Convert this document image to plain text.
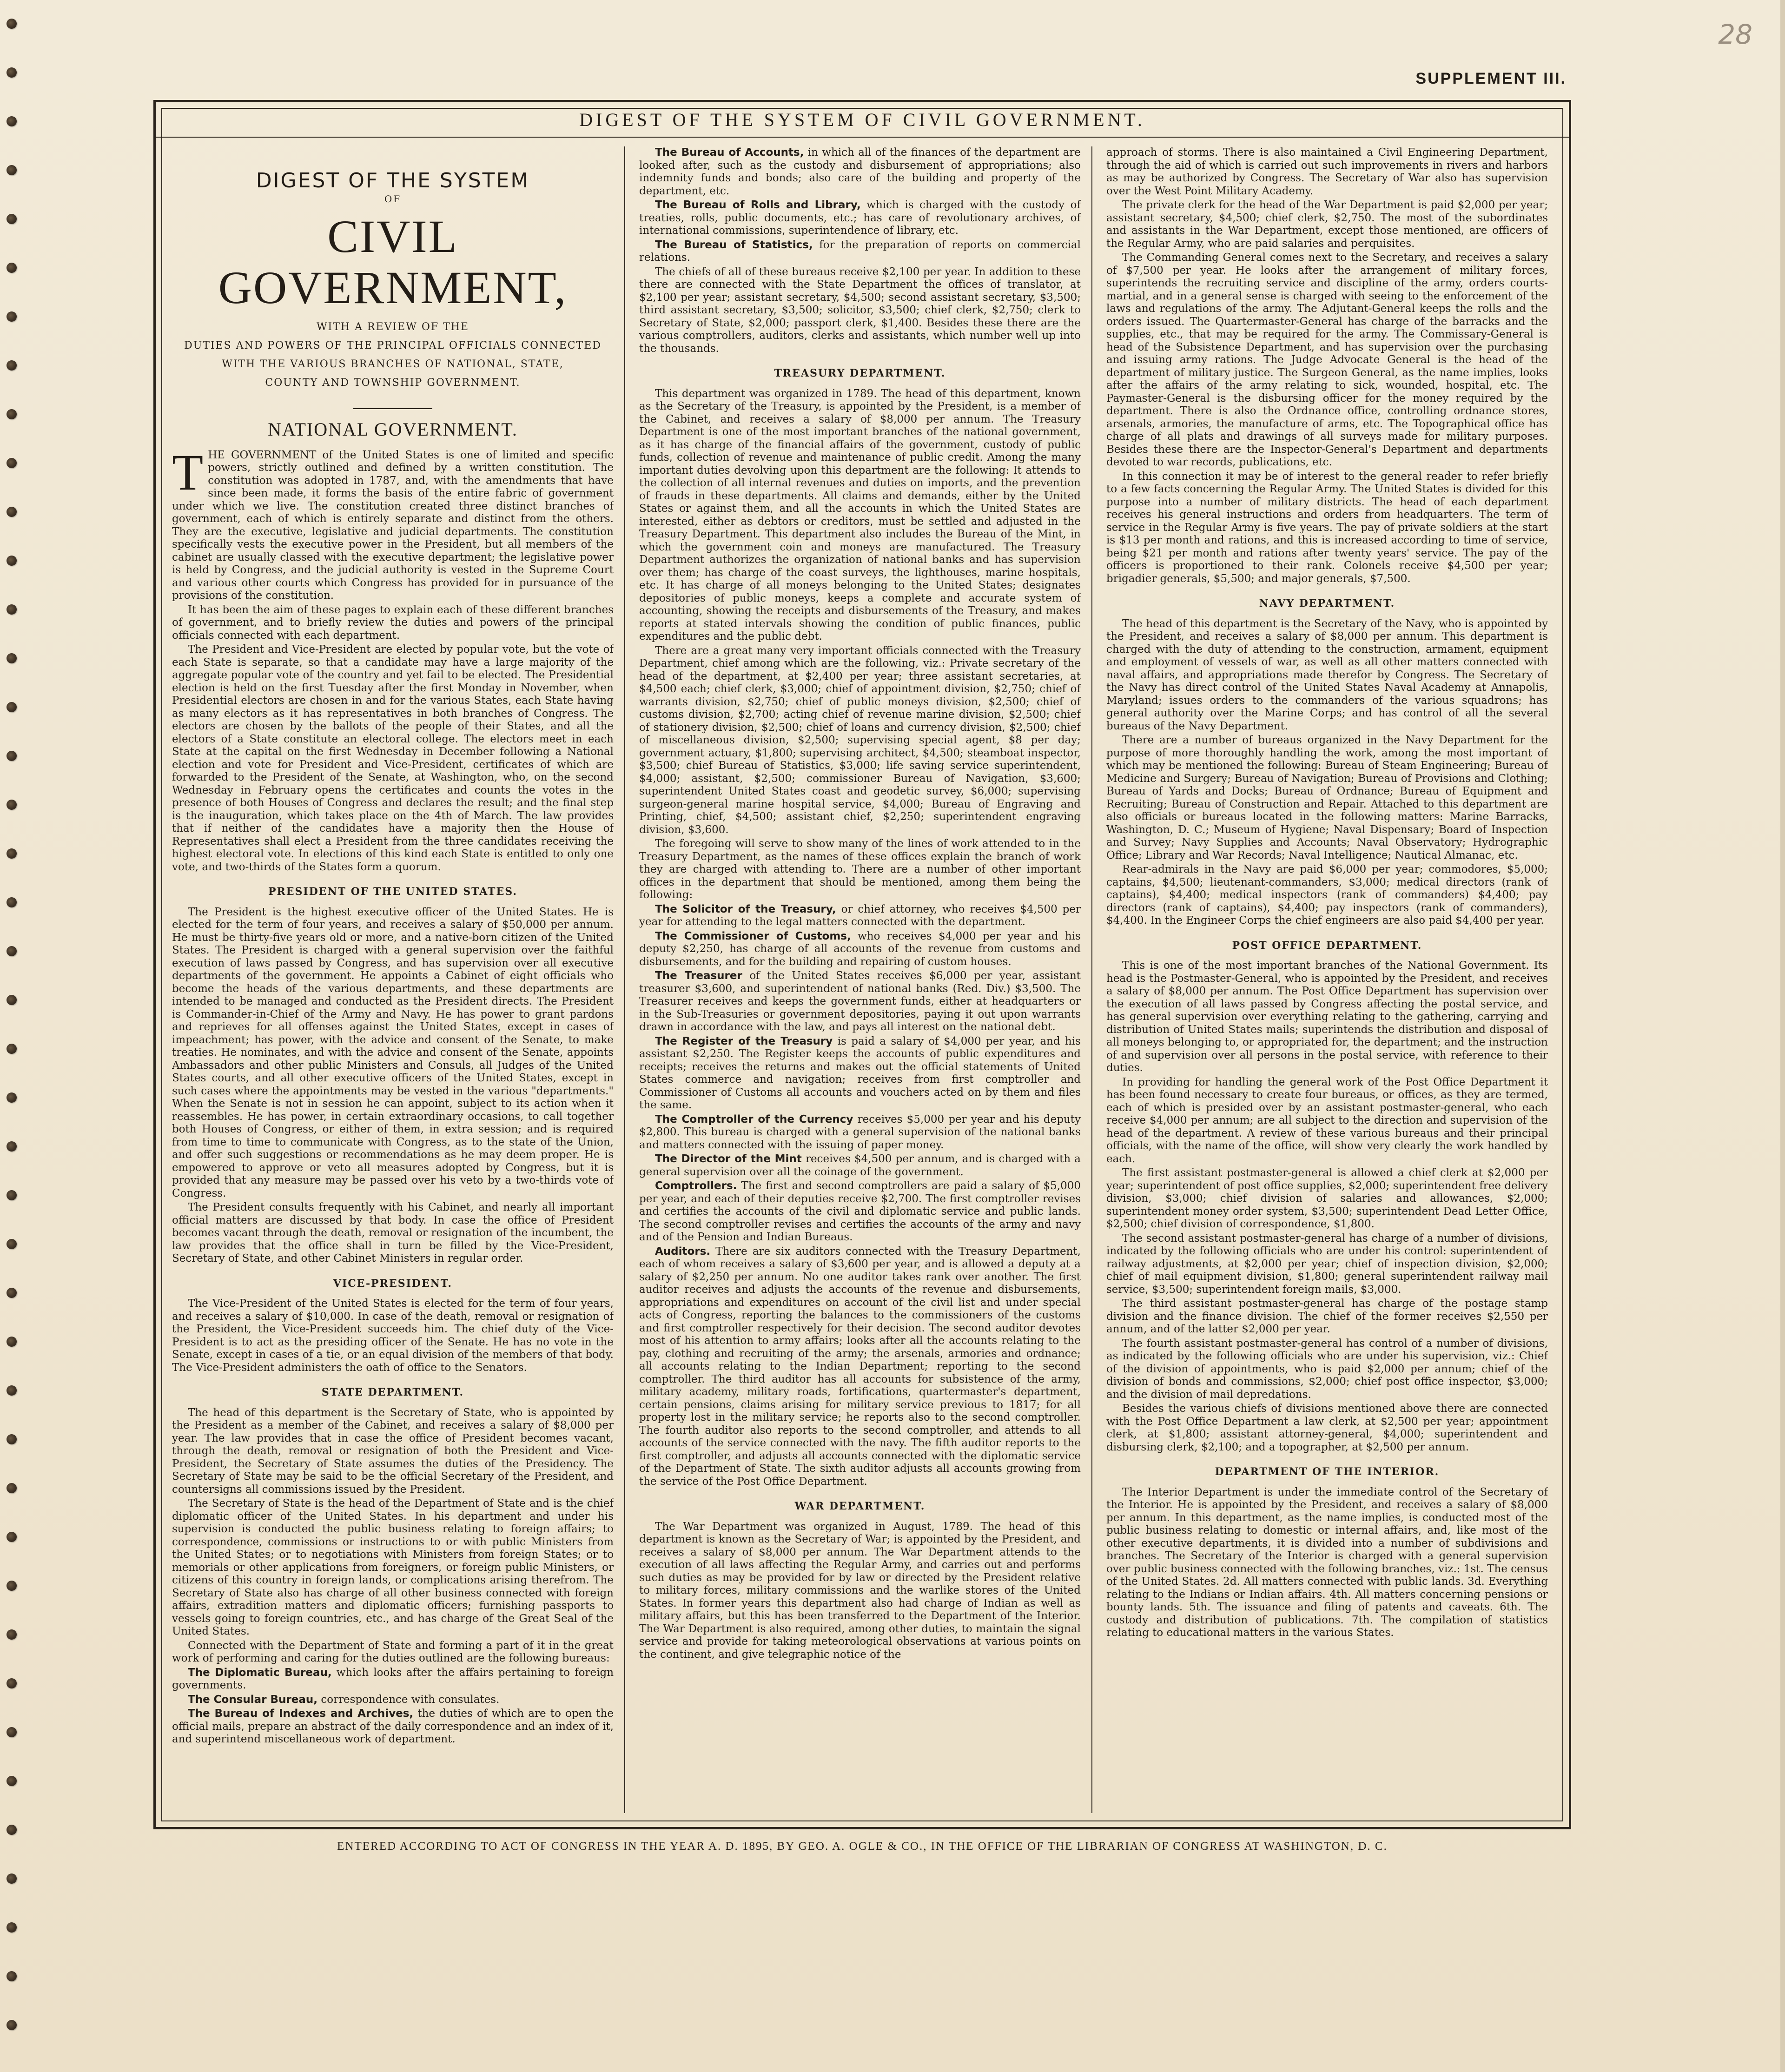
28
SUPPLEMENT III.
DIGEST OF THE SYSTEM OF CIVIL GOVERNMENT.
DIGEST OF THE SYSTEM
OF
CIVIL GOVERNMENT,
WITH A REVIEW OF THE
DUTIES AND POWERS OF THE PRINCIPAL OFFICIALS CONNECTED
WITH THE VARIOUS BRANCHES OF NATIONAL, STATE,
COUNTY AND TOWNSHIP GOVERNMENT.
NATIONAL GOVERNMENT.

THE GOVERNMENT of the United States is one of limited and specific powers, strictly outlined and defined by a written constitution. The constitution was adopted in 1787, and, with the amendments that have since been made, it forms the basis of the entire fabric of government under which we live. The constitution created three distinct branches of government, each of which is entirely separate and distinct from the others. They are the executive, legislative and judicial departments. The constitution specifically vests the executive power in the President, but all members of the cabinet are usually classed with the executive department; the legislative power is held by Congress, and the judicial authority is vested in the Supreme Court and various other courts which Congress has provided for in pursuance of the provisions of the constitution.

It has been the aim of these pages to explain each of these different branches of government, and to briefly review the duties and powers of the principal officials connected with each department.

The President and Vice-President are elected by popular vote, but the vote of each State is separate, so that a candidate may have a large majority of the aggregate popular vote of the country and yet fail to be elected. The Presidential election is held on the first Tuesday after the first Monday in November, when Presidential electors are chosen in and for the various States, each State having as many electors as it has representatives in both branches of Congress. The electors are chosen by the ballots of the people of their States, and all the electors of a State constitute an electoral college. The electors meet in each State at the capital on the first Wednesday in December following a National election and vote for President and Vice-President, certificates of which are forwarded to the President of the Senate, at Washington, who, on the second Wednesday in February opens the certificates and counts the votes in the presence of both Houses of Congress and declares the result; and the final step is the inauguration, which takes place on the 4th of March. The law provides that if neither of the candidates have a majority then the House of Representatives shall elect a President from the three candidates receiving the highest electoral vote. In elections of this kind each State is entitled to only one vote, and two-thirds of the States form a quorum.

PRESIDENT OF THE UNITED STATES.

The President is the highest executive officer of the United States. He is elected for the term of four years, and receives a salary of $50,000 per annum. He must be thirty-five years old or more, and a native-born citizen of the United States. The President is charged with a general supervision over the faithful execution of laws passed by Congress, and has supervision over all executive departments of the government. He appoints a Cabinet of eight officials who become the heads of the various departments, and these departments are intended to be managed and conducted as the President directs. The President is Commander-in-Chief of the Army and Navy. He has power to grant pardons and reprieves for all offenses against the United States, except in cases of impeachment; has power, with the advice and consent of the Senate, to make treaties. He nominates, and with the advice and consent of the Senate, appoints Ambassadors and other public Ministers and Consuls, all Judges of the United States courts, and all other executive officers of the United States, except in such cases where the appointments may be vested in the various "departments." When the Senate is not in session he can appoint, subject to its action when it reassembles. He has power, in certain extraordinary occasions, to call together both Houses of Congress, or either of them, in extra session; and is required from time to time to communicate with Congress, as to the state of the Union, and offer such suggestions or recommendations as he may deem proper. He is empowered to approve or veto all measures adopted by Congress, but it is provided that any measure may be passed over his veto by a two-thirds vote of Congress.

The President consults frequently with his Cabinet, and nearly all important official matters are discussed by that body. In case the office of President becomes vacant through the death, removal or resignation of the incumbent, the law provides that the office shall in turn be filled by the Vice-President, Secretary of State, and other Cabinet Ministers in regular order.

VICE-PRESIDENT.

The Vice-President of the United States is elected for the term of four years, and receives a salary of $10,000. In case of the death, removal or resignation of the President, the Vice-President succeeds him. The chief duty of the Vice-President is to act as the presiding officer of the Senate. He has no vote in the Senate, except in cases of a tie, or an equal division of the members of that body. The Vice-President administers the oath of office to the Senators.

STATE DEPARTMENT.

The head of this department is the Secretary of State, who is appointed by the President as a member of the Cabinet, and receives a salary of $8,000 per year. The law provides that in case the office of President becomes vacant, through the death, removal or resignation of both the President and Vice-President, the Secretary of State assumes the duties of the Presidency. The Secretary of State may be said to be the official Secretary of the President, and countersigns all commissions issued by the President.

The Secretary of State is the head of the Department of State and is the chief diplomatic officer of the United States. In his department and under his supervision is conducted the public business relating to foreign affairs; to correspondence, commissions or instructions to or with public Ministers from the United States; or to negotiations with Ministers from foreign States; or to memorials or other applications from foreigners, or foreign public Ministers, or citizens of this country in foreign lands, or complications arising therefrom. The Secretary of State also has charge of all other business connected with foreign affairs, extradition matters and diplomatic officers; furnishing passports to vessels going to foreign countries, etc., and has charge of the Great Seal of the United States.

Connected with the Department of State and forming a part of it in the great work of performing and caring for the duties outlined are the following bureaus:

The Diplomatic Bureau, which looks after the affairs pertaining to foreign governments.

The Consular Bureau, correspondence with consulates.

The Bureau of Indexes and Archives, the duties of which are to open the official mails, prepare an abstract of the daily correspondence and an index of it, and superintend miscellaneous work of department.

The Bureau of Accounts, in which all of the finances of the department are looked after, such as the custody and disbursement of appropriations; also indemnity funds and bonds; also care of the building and property of the department, etc.

The Bureau of Rolls and Library, which is charged with the custody of treaties, rolls, public documents, etc.; has care of revolutionary archives, of international commissions, superintendence of library, etc.

The Bureau of Statistics, for the preparation of reports on commercial relations.

The chiefs of all of these bureaus receive $2,100 per year. In addition to these there are connected with the State Department the offices of translator, at $2,100 per year; assistant secretary, $4,500; second assistant secretary, $3,500; third assistant secretary, $3,500; solicitor, $3,500; chief clerk, $2,750; clerk to Secretary of State, $2,000; passport clerk, $1,400. Besides these there are the various comptrollers, auditors, clerks and assistants, which number well up into the thousands.

TREASURY DEPARTMENT.

This department was organized in 1789. The head of this department, known as the Secretary of the Treasury, is appointed by the President, is a member of the Cabinet, and receives a salary of $8,000 per annum. The Treasury Department is one of the most important branches of the national government, as it has charge of the financial affairs of the government, custody of public funds, collection of revenue and maintenance of public credit. Among the many important duties devolving upon this department are the following: It attends to the collection of all internal revenues and duties on imports, and the prevention of frauds in these departments. All claims and demands, either by the United States or against them, and all the accounts in which the United States are interested, either as debtors or creditors, must be settled and adjusted in the Treasury Department. This department also includes the Bureau of the Mint, in which the government coin and moneys are manufactured. The Treasury Department authorizes the organization of national banks and has supervision over them; has charge of the coast surveys, the lighthouses, marine hospitals, etc. It has charge of all moneys belonging to the United States; designates depositories of public moneys, keeps a complete and accurate system of accounting, showing the receipts and disbursements of the Treasury, and makes reports at stated intervals showing the condition of public finances, public expenditures and the public debt.

There are a great many very important officials connected with the Treasury Department, chief among which are the following, viz.: Private secretary of the head of the department, at $2,400 per year; three assistant secretaries, at $4,500 each; chief clerk, $3,000; chief of appointment division, $2,750; chief of warrants division, $2,750; chief of public moneys division, $2,500; chief of customs division, $2,700; acting chief of revenue marine division, $2,500; chief of stationery division, $2,500; chief of loans and currency division, $2,500; chief of miscellaneous division, $2,500; supervising special agent, $8 per day; government actuary, $1,800; supervising architect, $4,500; steamboat inspector, $3,500; chief Bureau of Statistics, $3,000; life saving service superintendent, $4,000; assistant, $2,500; commissioner Bureau of Navigation, $3,600; superintendent United States coast and geodetic survey, $6,000; supervising surgeon-general marine hospital service, $4,000; Bureau of Engraving and Printing, chief, $4,500; assistant chief, $2,250; superintendent engraving division, $3,600.

The foregoing will serve to show many of the lines of work attended to in the Treasury Department, as the names of these offices explain the branch of work they are charged with attending to. There are a number of other important offices in the department that should be mentioned, among them being the following:

The Solicitor of the Treasury, or chief attorney, who receives $4,500 per year for attending to the legal matters connected with the department.

The Commissioner of Customs, who receives $4,000 per year and his deputy $2,250, has charge of all accounts of the revenue from customs and disbursements, and for the building and repairing of custom houses.

The Treasurer of the United States receives $6,000 per year, assistant treasurer $3,600, and superintendent of national banks (Red. Div.) $3,500. The Treasurer receives and keeps the government funds, either at headquarters or in the Sub-Treasuries or government depositories, paying it out upon warrants drawn in accordance with the law, and pays all interest on the national debt.

The Register of the Treasury is paid a salary of $4,000 per year, and his assistant $2,250. The Register keeps the accounts of public expenditures and receipts; receives the returns and makes out the official statements of United States commerce and navigation; receives from first comptroller and Commissioner of Customs all accounts and vouchers acted on by them and files the same.

The Comptroller of the Currency receives $5,000 per year and his deputy $2,800. This bureau is charged with a general supervision of the national banks and matters connected with the issuing of paper money.

The Director of the Mint receives $4,500 per annum, and is charged with a general supervision over all the coinage of the government.

Comptrollers. The first and second comptrollers are paid a salary of $5,000 per year, and each of their deputies receive $2,700. The first comptroller revises and certifies the accounts of the civil and diplomatic service and public lands. The second comptroller revises and certifies the accounts of the army and navy and of the Pension and Indian Bureaus.

Auditors. There are six auditors connected with the Treasury Department, each of whom receives a salary of $3,600 per year, and is allowed a deputy at a salary of $2,250 per annum. No one auditor takes rank over another. The first auditor receives and adjusts the accounts of the revenue and disbursements, appropriations and expenditures on account of the civil list and under special acts of Congress, reporting the balances to the commissioners of the customs and first comptroller respectively for their decision. The second auditor devotes most of his attention to army affairs; looks after all the accounts relating to the pay, clothing and recruiting of the army; the arsenals, armories and ordnance; all accounts relating to the Indian Department; reporting to the second comptroller. The third auditor has all accounts for subsistence of the army, military academy, military roads, fortifications, quartermaster's department, certain pensions, claims arising for military service previous to 1817; for all property lost in the military service; he reports also to the second comptroller. The fourth auditor also reports to the second comptroller, and attends to all accounts of the service connected with the navy. The fifth auditor reports to the first comptroller, and adjusts all accounts connected with the diplomatic service of the Department of State. The sixth auditor adjusts all accounts growing from the service of the Post Office Department.

WAR DEPARTMENT.

The War Department was organized in August, 1789. The head of this department is known as the Secretary of War; is appointed by the President, and receives a salary of $8,000 per annum. The War Department attends to the execution of all laws affecting the Regular Army, and carries out and performs such duties as may be provided for by law or directed by the President relative to military forces, military commissions and the warlike stores of the United States. In former years this department also had charge of Indian as well as military affairs, but this has been transferred to the Department of the Interior. The War Department is also required, among other duties, to maintain the signal service and provide for taking meteorological observations at various points on the continent, and give telegraphic notice of the

approach of storms. There is also maintained a Civil Engineering Department, through the aid of which is carried out such improvements in rivers and harbors as may be authorized by Congress. The Secretary of War also has supervision over the West Point Military Academy.

The private clerk for the head of the War Department is paid $2,000 per year; assistant secretary, $4,500; chief clerk, $2,750. The most of the subordinates and assistants in the War Department, except those mentioned, are officers of the Regular Army, who are paid salaries and perquisites.

The Commanding General comes next to the Secretary, and receives a salary of $7,500 per year. He looks after the arrangement of military forces, superintends the recruiting service and discipline of the army, orders courts-martial, and in a general sense is charged with seeing to the enforcement of the laws and regulations of the army. The Adjutant-General keeps the rolls and the orders issued. The Quartermaster-General has charge of the barracks and the supplies, etc., that may be required for the army. The Commissary-General is head of the Subsistence Department, and has supervision over the purchasing and issuing army rations. The Judge Advocate General is the head of the department of military justice. The Surgeon General, as the name implies, looks after the affairs of the army relating to sick, wounded, hospital, etc. The Paymaster-General is the disbursing officer for the money required by the department. There is also the Ordnance office, controlling ordnance stores, arsenals, armories, the manufacture of arms, etc. The Topographical office has charge of all plats and drawings of all surveys made for military purposes. Besides these there are the Inspector-General's Department and departments devoted to war records, publications, etc.

In this connection it may be of interest to the general reader to refer briefly to a few facts concerning the Regular Army. The United States is divided for this purpose into a number of military districts. The head of each department receives his general instructions and orders from headquarters. The term of service in the Regular Army is five years. The pay of private soldiers at the start is $13 per month and rations, and this is increased according to time of service, being $21 per month and rations after twenty years' service. The pay of the officers is proportioned to their rank. Colonels receive $4,500 per year; brigadier generals, $5,500; and major generals, $7,500.

NAVY DEPARTMENT.

The head of this department is the Secretary of the Navy, who is appointed by the President, and receives a salary of $8,000 per annum. This department is charged with the duty of attending to the construction, armament, equipment and employment of vessels of war, as well as all other matters connected with naval affairs, and appropriations made therefor by Congress. The Secretary of the Navy has direct control of the United States Naval Academy at Annapolis, Maryland; issues orders to the commanders of the various squadrons; has general authority over the Marine Corps; and has control of all the several bureaus of the Navy Department.

There are a number of bureaus organized in the Navy Department for the purpose of more thoroughly handling the work, among the most important of which may be mentioned the following: Bureau of Steam Engineering; Bureau of Medicine and Surgery; Bureau of Navigation; Bureau of Provisions and Clothing; Bureau of Yards and Docks; Bureau of Ordnance; Bureau of Equipment and Recruiting; Bureau of Construction and Repair. Attached to this department are also officials or bureaus located in the following matters: Marine Barracks, Washington, D. C.; Museum of Hygiene; Naval Dispensary; Board of Inspection and Survey; Navy Supplies and Accounts; Naval Observatory; Hydrographic Office; Library and War Records; Naval Intelligence; Nautical Almanac, etc.

Rear-admirals in the Navy are paid $6,000 per year; commodores, $5,000; captains, $4,500; lieutenant-commanders, $3,000; medical directors (rank of captains), $4,400; medical inspectors (rank of commanders) $4,400; pay directors (rank of captains), $4,400; pay inspectors (rank of commanders), $4,400. In the Engineer Corps the chief engineers are also paid $4,400 per year.

POST OFFICE DEPARTMENT.

This is one of the most important branches of the National Government. Its head is the Postmaster-General, who is appointed by the President, and receives a salary of $8,000 per annum. The Post Office Department has supervision over the execution of all laws passed by Congress affecting the postal service, and has general supervision over everything relating to the gathering, carrying and distribution of United States mails; superintends the distribution and disposal of all moneys belonging to, or appropriated for, the department; and the instruction of and supervision over all persons in the postal service, with reference to their duties.

In providing for handling the general work of the Post Office Department it has been found necessary to create four bureaus, or offices, as they are termed, each of which is presided over by an assistant postmaster-general, who each receive $4,000 per annum; are all subject to the direction and supervision of the head of the department. A review of these various bureaus and their principal officials, with the name of the office, will show very clearly the work handled by each.

The first assistant postmaster-general is allowed a chief clerk at $2,000 per year; superintendent of post office supplies, $2,000; superintendent free delivery division, $3,000; chief division of salaries and allowances, $2,000; superintendent money order system, $3,500; superintendent Dead Letter Office, $2,500; chief division of correspondence, $1,800.

The second assistant postmaster-general has charge of a number of divisions, indicated by the following officials who are under his control: superintendent of railway adjustments, at $2,000 per year; chief of inspection division, $2,000; chief of mail equipment division, $1,800; general superintendent railway mail service, $3,500; superintendent foreign mails, $3,000.

The third assistant postmaster-general has charge of the postage stamp division and the finance division. The chief of the former receives $2,550 per annum, and of the latter $2,000 per year.

The fourth assistant postmaster-general has control of a number of divisions, as indicated by the following officials who are under his supervision, viz.: Chief of the division of appointments, who is paid $2,000 per annum; chief of the division of bonds and commissions, $2,000; chief post office inspector, $3,000; and the division of mail depredations.

Besides the various chiefs of divisions mentioned above there are connected with the Post Office Department a law clerk, at $2,500 per year; appointment clerk, at $1,800; assistant attorney-general, $4,000; superintendent and disbursing clerk, $2,100; and a topographer, at $2,500 per annum.

DEPARTMENT OF THE INTERIOR.

The Interior Department is under the immediate control of the Secretary of the Interior. He is appointed by the President, and receives a salary of $8,000 per annum. In this department, as the name implies, is conducted most of the public business relating to domestic or internal affairs, and, like most of the other executive departments, it is divided into a number of subdivisions and branches. The Secretary of the Interior is charged with a general supervision over public business connected with the following branches, viz.: 1st. The census of the United States. 2d. All matters connected with public lands. 3d. Everything relating to the Indians or Indian affairs. 4th. All matters concerning pensions or bounty lands. 5th. The issuance and filing of patents and caveats. 6th. The custody and distribution of publications. 7th. The compilation of statistics relating to educational matters in the various States.

ENTERED ACCORDING TO ACT OF CONGRESS IN THE YEAR A. D. 1895, BY GEO. A. OGLE & CO., IN THE OFFICE OF THE LIBRARIAN OF CONGRESS AT WASHINGTON, D. C.
